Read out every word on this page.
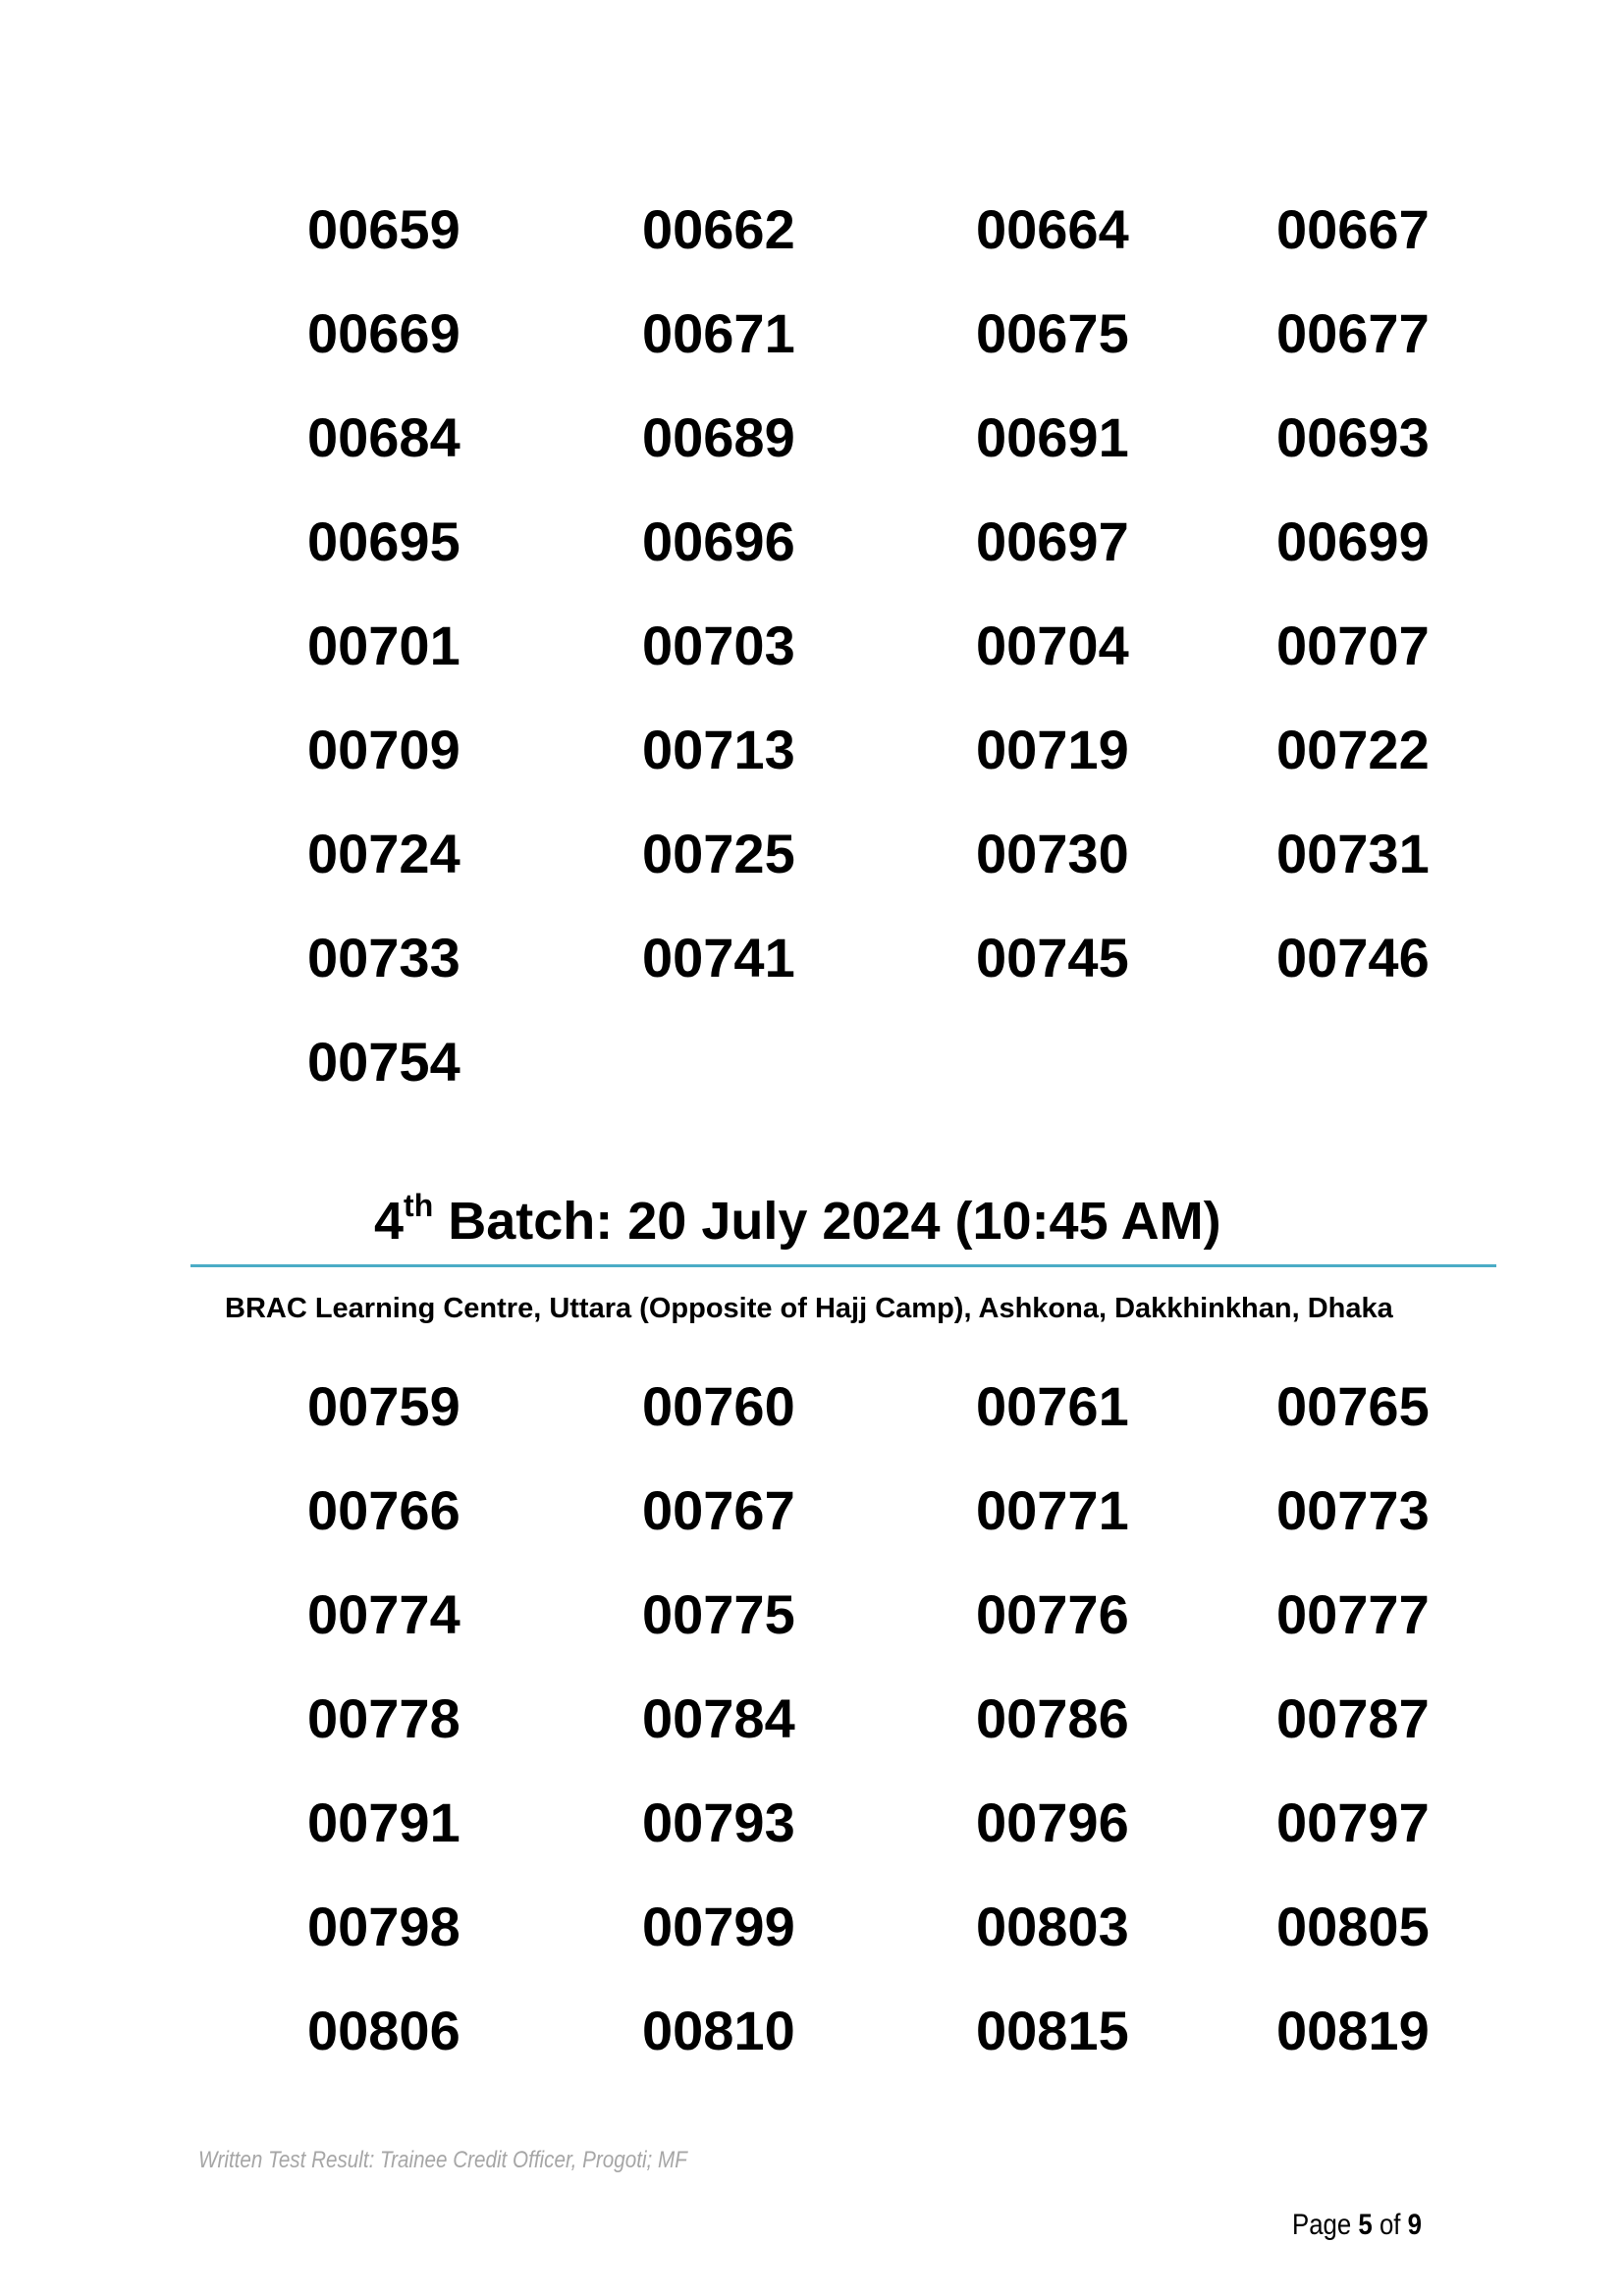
00659	00662	00664	00667
00669	00671	00675	00677
00684	00689	00691	00693
00695	00696	00697	00699
00701	00703	00704	00707
00709	00713	00719	00722
00724	00725	00730	00731
00733	00741	00745	00746
00754
4th Batch: 20 July 2024 (10:45 AM)
BRAC Learning Centre, Uttara (Opposite of Hajj Camp), Ashkona, Dakkhinkhan, Dhaka
00759	00760	00761	00765
00766	00767	00771	00773
00774	00775	00776	00777
00778	00784	00786	00787
00791	00793	00796	00797
00798	00799	00803	00805
00806	00810	00815	00819
Written Test Result: Trainee Credit Officer, Progoti; MF
Page 5 of 9
